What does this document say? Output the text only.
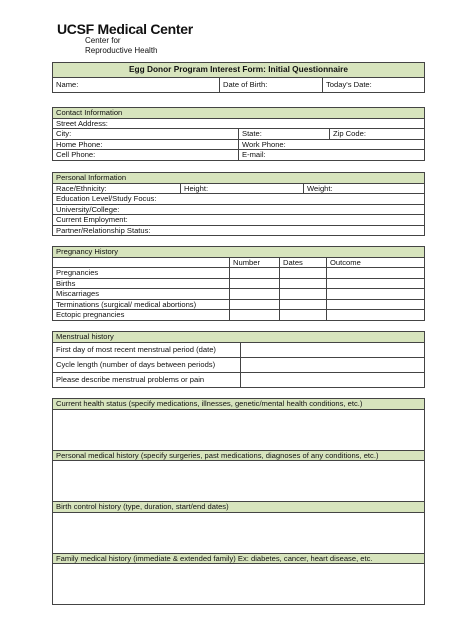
UCSF Medical Center
Center for
Reproductive Health
Egg Donor Program Interest Form: Initial Questionnaire
Name:	Date of Birth:	Today's Date:
Contact Information		
Street Address:		
City:	State:	Zip Code:
Home Phone:	Work Phone:	
Cell Phone:	E-mail:	
Personal Information
Race/Ethnicity:	Height:	Weight:
Education Level/Study Focus:
University/College:
Current Employment:
Partner/Relationship Status:
Pregnancy History			
	Number	Dates	Outcome
Pregnancies			
Births			
Miscarriages			
Terminations (surgical/ medical abortions)			
Ectopic pregnancies			
Menstrual history	
First day of most recent menstrual period (date)	
Cycle length (number of days between periods)	
Please describe menstrual problems or pain	
Current health status (specify medications, illnesses, genetic/mental health conditions, etc.)

Personal medical history (specify surgeries, past medications, diagnoses of any conditions, etc.)

Birth control history (type, duration, start/end dates)

Family medical history (immediate & extended family) Ex: diabetes, cancer, heart disease, etc.
